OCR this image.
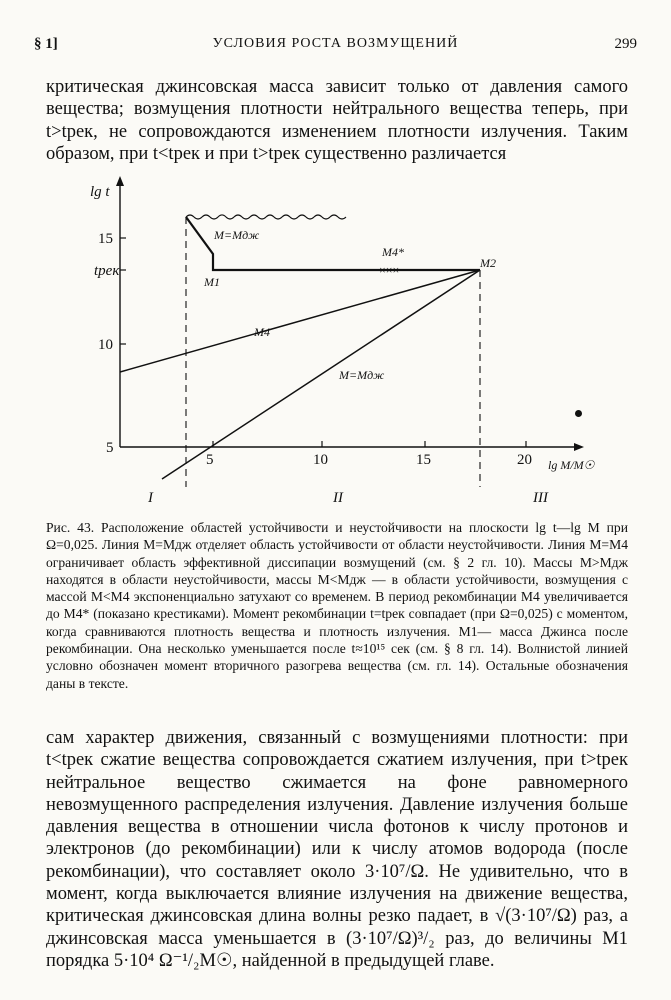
§ 1]	УСЛОВИЯ РОСТА ВОЗМУЩЕНИЙ	299

критическая джинсовская масса зависит только от давления самого вещества; возмущения плотности нейтрального вещества теперь, при t>tрек, не сопровождаются изменением плотности излучения. Таким образом, при t<tрек и при t>tрек существенно различается

×××
15
tрек
10
5
5	10	15	20
lg t
lg M/M☉
M=Mдж
M1
M4*
M2
M4
M=Mдж
I	II	III

Рис. 43. Расположение областей устойчивости и неустойчивости на плоскости lg t—lg M при Ω=0,025. Линия M=Mдж отделяет область устойчивости от области неустойчивости. Линия M=M4 ограничивает область эффективной диссипации возмущений (см. § 2 гл. 10). Массы M>Mдж находятся в области неустойчивости, массы M<Mдж — в области устойчивости, возмущения с массой M<M4 экспоненциально затухают со временем. В период рекомбинации M4 увеличивается до M4* (показано крестиками). Момент рекомбинации t=tрек совпадает (при Ω=0,025) с моментом, когда сравниваются плотность вещества и плотность излучения. M1— масса Джинса после рекомбинации. Она несколько уменьшается после t≈10¹⁵ сек (см. § 8 гл. 14). Волнистой линией условно обозначен момент вторичного разогрева вещества (см. гл. 14). Остальные обозначения даны в тексте.

сам характер движения, связанный с возмущениями плотности: при t<tрек сжатие вещества сопровождается сжатием излучения, при t>tрек нейтральное вещество сжимается на фоне равномерного невозмущенного распределения излучения. Давление излучения больше давления вещества в отношении числа фотонов к числу протонов и электронов (до рекомбинации) или к числу атомов водорода (после рекомбинации), что составляет около 3·10⁷/Ω. Не удивительно, что в момент, когда выключается влияние излучения на движение вещества, критическая джинсовская длина волны резко падает, в √(3·10⁷/Ω) раз, а джинсовская масса уменьшается в (3·10⁷/Ω)³/₂ раз, до величины M1 порядка 5·10⁴ Ω⁻¹/₂M☉, найденной в предыдущей главе.
